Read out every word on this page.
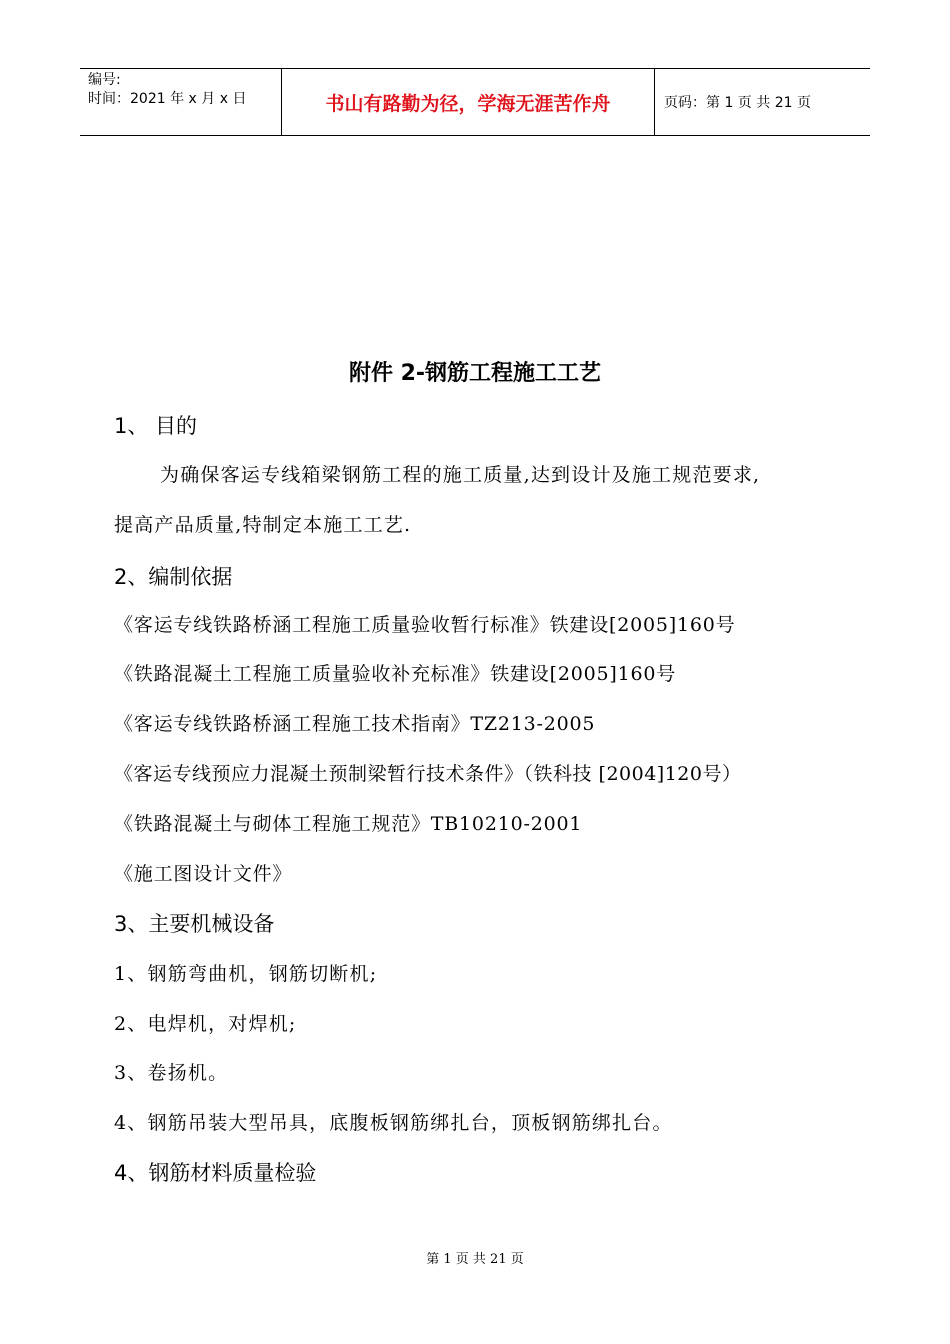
编号:
时间：2021 年 x 月 x 日	书山有路勤为径，学海无涯苦作舟	页码：第 1 页 共 21 页
附件 2-钢筋工程施工工艺
1、 目的
为确保客运专线箱梁钢筋工程的施工质量,达到设计及施工规范要求,
提高产品质量,特制定本施工工艺.
2、编制依据
《客运专线铁路桥涵工程施工质量验收暂行标准》铁建设[2005]160号
《铁路混凝土工程施工质量验收补充标准》铁建设[2005]160号
《客运专线铁路桥涵工程施工技术指南》TZ213-2005
《客运专线预应力混凝土预制梁暂行技术条件》（铁科技 [2004]120号）
《铁路混凝土与砌体工程施工规范》TB10210-2001
《施工图设计文件》
3、主要机械设备
1、钢筋弯曲机，钢筋切断机;
2、电焊机，对焊机;
3、卷扬机。
4、钢筋吊装大型吊具，底腹板钢筋绑扎台，顶板钢筋绑扎台。
4、钢筋材料质量检验
第 1 页 共 21 页
